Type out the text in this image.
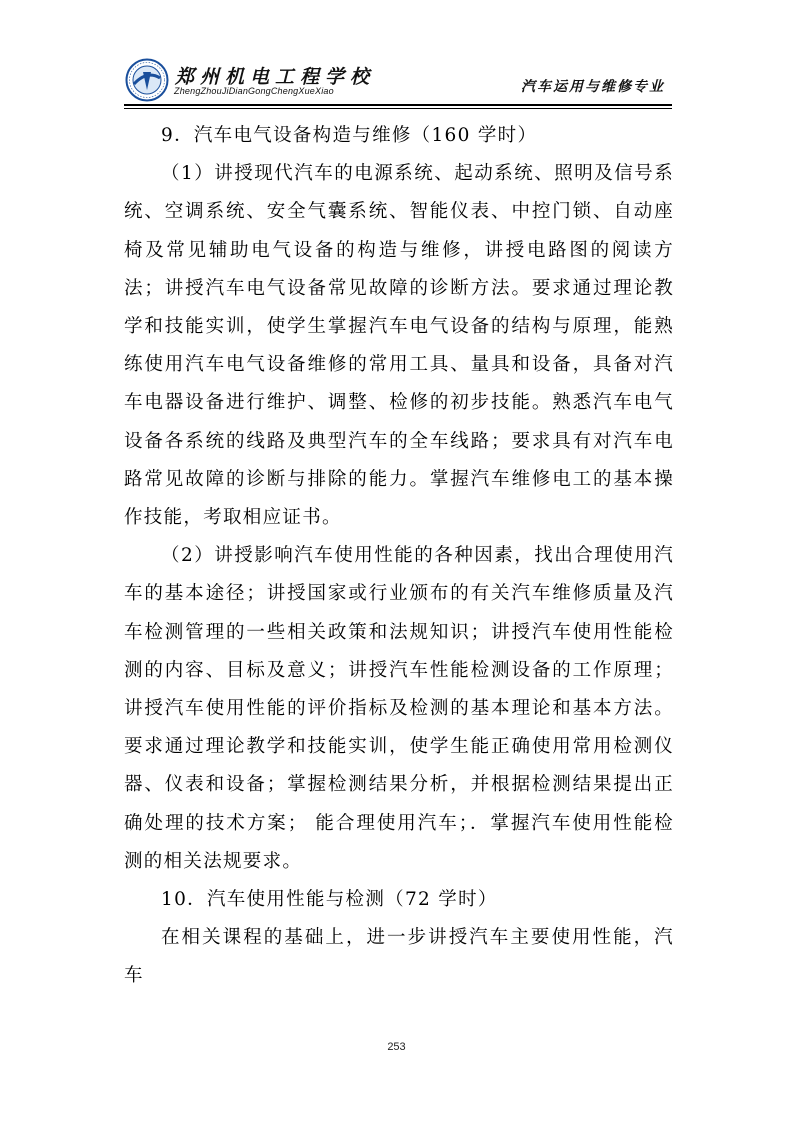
郑州机电工程学校
ZhengZhouJiDianGongChengXueXiao	汽车运用与维修专业

9．汽车电气设备构造与维修（160 学时）

（1）讲授现代汽车的电源系统、起动系统、照明及信号系统、空调系统、安全气囊系统、智能仪表、中控门锁、自动座椅及常见辅助电气设备的构造与维修，讲授电路图的阅读方法；讲授汽车电气设备常见故障的诊断方法。要求通过理论教学和技能实训，使学生掌握汽车电气设备的结构与原理，能熟练使用汽车电气设备维修的常用工具、量具和设备，具备对汽车电器设备进行维护、调整、检修的初步技能。熟悉汽车电气设备各系统的线路及典型汽车的全车线路；要求具有对汽车电路常见故障的诊断与排除的能力。掌握汽车维修电工的基本操作技能，考取相应证书。

（2）讲授影响汽车使用性能的各种因素，找出合理使用汽车的基本途径；讲授国家或行业颁布的有关汽车维修质量及汽车检测管理的一些相关政策和法规知识；讲授汽车使用性能检测的内容、目标及意义；讲授汽车性能检测设备的工作原理；讲授汽车使用性能的评价指标及检测的基本理论和基本方法。要求通过理论教学和技能实训，使学生能正确使用常用检测仪器、仪表和设备；掌握检测结果分析，并根据检测结果提出正确处理的技术方案； 能合理使用汽车；．掌握汽车使用性能检测的相关法规要求。

10．汽车使用性能与检测（72 学时）

在相关课程的基础上，进一步讲授汽车主要使用性能，汽车

253
